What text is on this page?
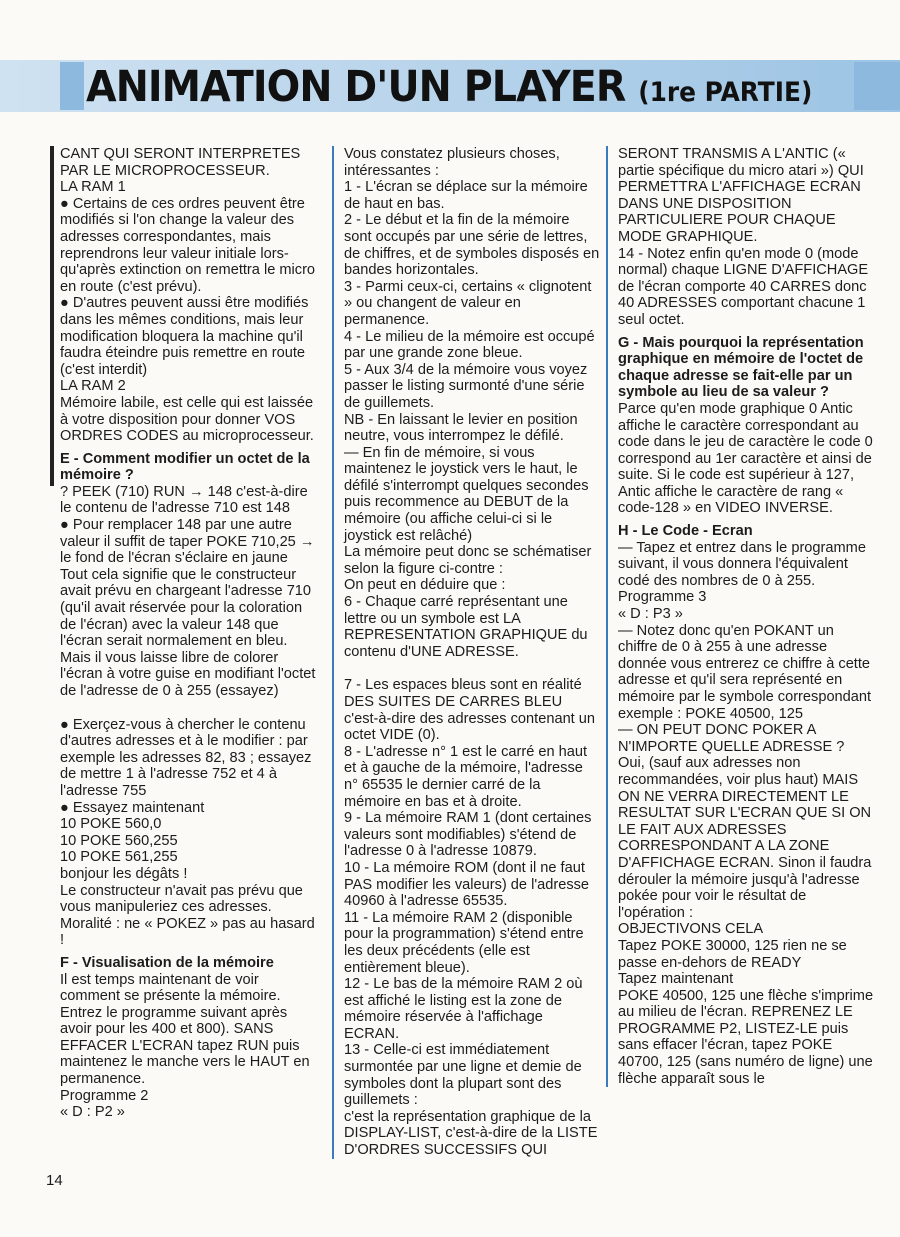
ANIMATION D'UN PLAYER (1re PARTIE)

CANT QUI SERONT INTERPRETES PAR LE MICROPROCESSEUR.

LA RAM 1

● Certains de ces ordres peuvent être modifiés si l'on change la valeur des adresses correspondantes, mais reprendrons leur valeur initiale lors-qu'après extinction on remettra le micro en route (c'est prévu).

● D'autres peuvent aussi être modifiés dans les mêmes conditions, mais leur modification bloquera la machine qu'il faudra éteindre puis remettre en route (c'est interdit)

LA RAM 2

Mémoire labile, est celle qui est laissée à votre disposition pour donner VOS ORDRES CODES au microprocesseur.

E - Comment modifier un octet de la mémoire ?

? PEEK (710) RUN → 148 c'est-à-dire le contenu de l'adresse 710 est 148

● Pour remplacer 148 par une autre valeur il suffit de taper POKE 710,25 → le fond de l'écran s'éclaire en jaune

Tout cela signifie que le constructeur avait prévu en chargeant l'adresse 710 (qu'il avait réservée pour la coloration de l'écran) avec la valeur 148 que l'écran serait normalement en bleu. Mais il vous laisse libre de colorer l'écran à votre guise en modifiant l'octet de l'adresse de 0 à 255 (essayez)

● Exerçez-vous à chercher le contenu d'autres adresses et à le modifier : par exemple les adresses 82, 83 ; essayez de mettre 1 à l'adresse 752 et 4 à l'adresse 755

● Essayez maintenant

10 POKE 560,0

10 POKE 560,255

10 POKE 561,255

bonjour les dégâts !

Le constructeur n'avait pas prévu que vous manipuleriez ces adresses. Moralité : ne « POKEZ » pas au hasard !

F - Visualisation de la mémoire

Il est temps maintenant de voir comment se présente la mémoire. Entrez le programme suivant après avoir pour les 400 et 800). SANS EFFACER L'ECRAN tapez RUN puis maintenez le manche vers le HAUT en permanence.

Programme 2

« D : P2 »

Vous constatez plusieurs choses, intéressantes :

1 - L'écran se déplace sur la mémoire de haut en bas.

2 - Le début et la fin de la mémoire sont occupés par une série de lettres, de chiffres, et de symboles disposés en bandes horizontales.

3 - Parmi ceux-ci, certains « clignotent » ou changent de valeur en permanence.

4 - Le milieu de la mémoire est occupé par une grande zone bleue.

5 - Aux 3/4 de la mémoire vous voyez passer le listing surmonté d'une série de guillemets.

NB - En laissant le levier en position neutre, vous interrompez le défilé.

— En fin de mémoire, si vous maintenez le joystick vers le haut, le défilé s'interrompt quelques secondes puis recommence au DEBUT de la mémoire (ou affiche celui-ci si le joystick est relâché)

La mémoire peut donc se schématiser selon la figure ci-contre :

On peut en déduire que :

6 - Chaque carré représentant une lettre ou un symbole est LA REPRESENTATION GRAPHIQUE du contenu d'UNE ADRESSE.

7 - Les espaces bleus sont en réalité DES SUITES DE CARRES BLEU c'est-à-dire des adresses contenant un octet VIDE (0).

8 - L'adresse n° 1 est le carré en haut et à gauche de la mémoire, l'adresse n° 65535 le dernier carré de la mémoire en bas et à droite.

9 - La mémoire RAM 1 (dont certaines valeurs sont modifiables) s'étend de l'adresse 0 à l'adresse 10879.

10 - La mémoire ROM (dont il ne faut PAS modifier les valeurs) de l'adresse 40960 à l'adresse 65535.

11 - La mémoire RAM 2 (disponible pour la programmation) s'étend entre les deux précédents (elle est entièrement bleue).

12 - Le bas de la mémoire RAM 2 où est affiché le listing est la zone de mémoire réservée à l'affichage ECRAN.

13 - Celle-ci est immédiatement surmontée par une ligne et demie de symboles dont la plupart sont des guillemets :

c'est la représentation graphique de la DISPLAY-LIST, c'est-à-dire de la LISTE D'ORDRES SUCCESSIFS QUI

SERONT TRANSMIS A L'ANTIC (« partie spécifique du micro atari ») QUI PERMETTRA L'AFFICHAGE ECRAN DANS UNE DISPOSITION PARTICULIERE POUR CHAQUE MODE GRAPHIQUE.

14 - Notez enfin qu'en mode 0 (mode normal) chaque LIGNE D'AFFICHAGE de l'écran comporte 40 CARRES donc 40 ADRESSES comportant chacune 1 seul octet.

G - Mais pourquoi la représentation graphique en mémoire de l'octet de chaque adresse se fait-elle par un symbole au lieu de sa valeur ?

Parce qu'en mode graphique 0 Antic affiche le caractère correspondant au code dans le jeu de caractère le code 0 correspond au 1er caractère et ainsi de suite. Si le code est supérieur à 127, Antic affiche le caractère de rang « code-128 » en VIDEO INVERSE.

H - Le Code - Ecran

— Tapez et entrez dans le programme suivant, il vous donnera l'équivalent codé des nombres de 0 à 255.

Programme 3

« D : P3 »

— Notez donc qu'en POKANT un chiffre de 0 à 255 à une adresse donnée vous entrerez ce chiffre à cette adresse et qu'il sera représenté en mémoire par le symbole correspondant

exemple : POKE 40500, 125

— ON PEUT DONC POKER A N'IMPORTE QUELLE ADRESSE ?

Oui, (sauf aux adresses non recommandées, voir plus haut) MAIS ON NE VERRA DIRECTEMENT LE RESULTAT SUR L'ECRAN QUE SI ON LE FAIT AUX ADRESSES CORRESPONDANT A LA ZONE D'AFFICHAGE ECRAN. Sinon il faudra dérouler la mémoire jusqu'à l'adresse pokée pour voir le résultat de l'opération :

OBJECTIVONS CELA

Tapez POKE 30000, 125 rien ne se passe en-dehors de READY

Tapez maintenant

POKE 40500, 125 une flèche s'imprime au milieu de l'écran. REPRENEZ LE PROGRAMME P2, LISTEZ-LE puis sans effacer l'écran, tapez POKE 40700, 125 (sans numéro de ligne) une flèche apparaît sous le

14
